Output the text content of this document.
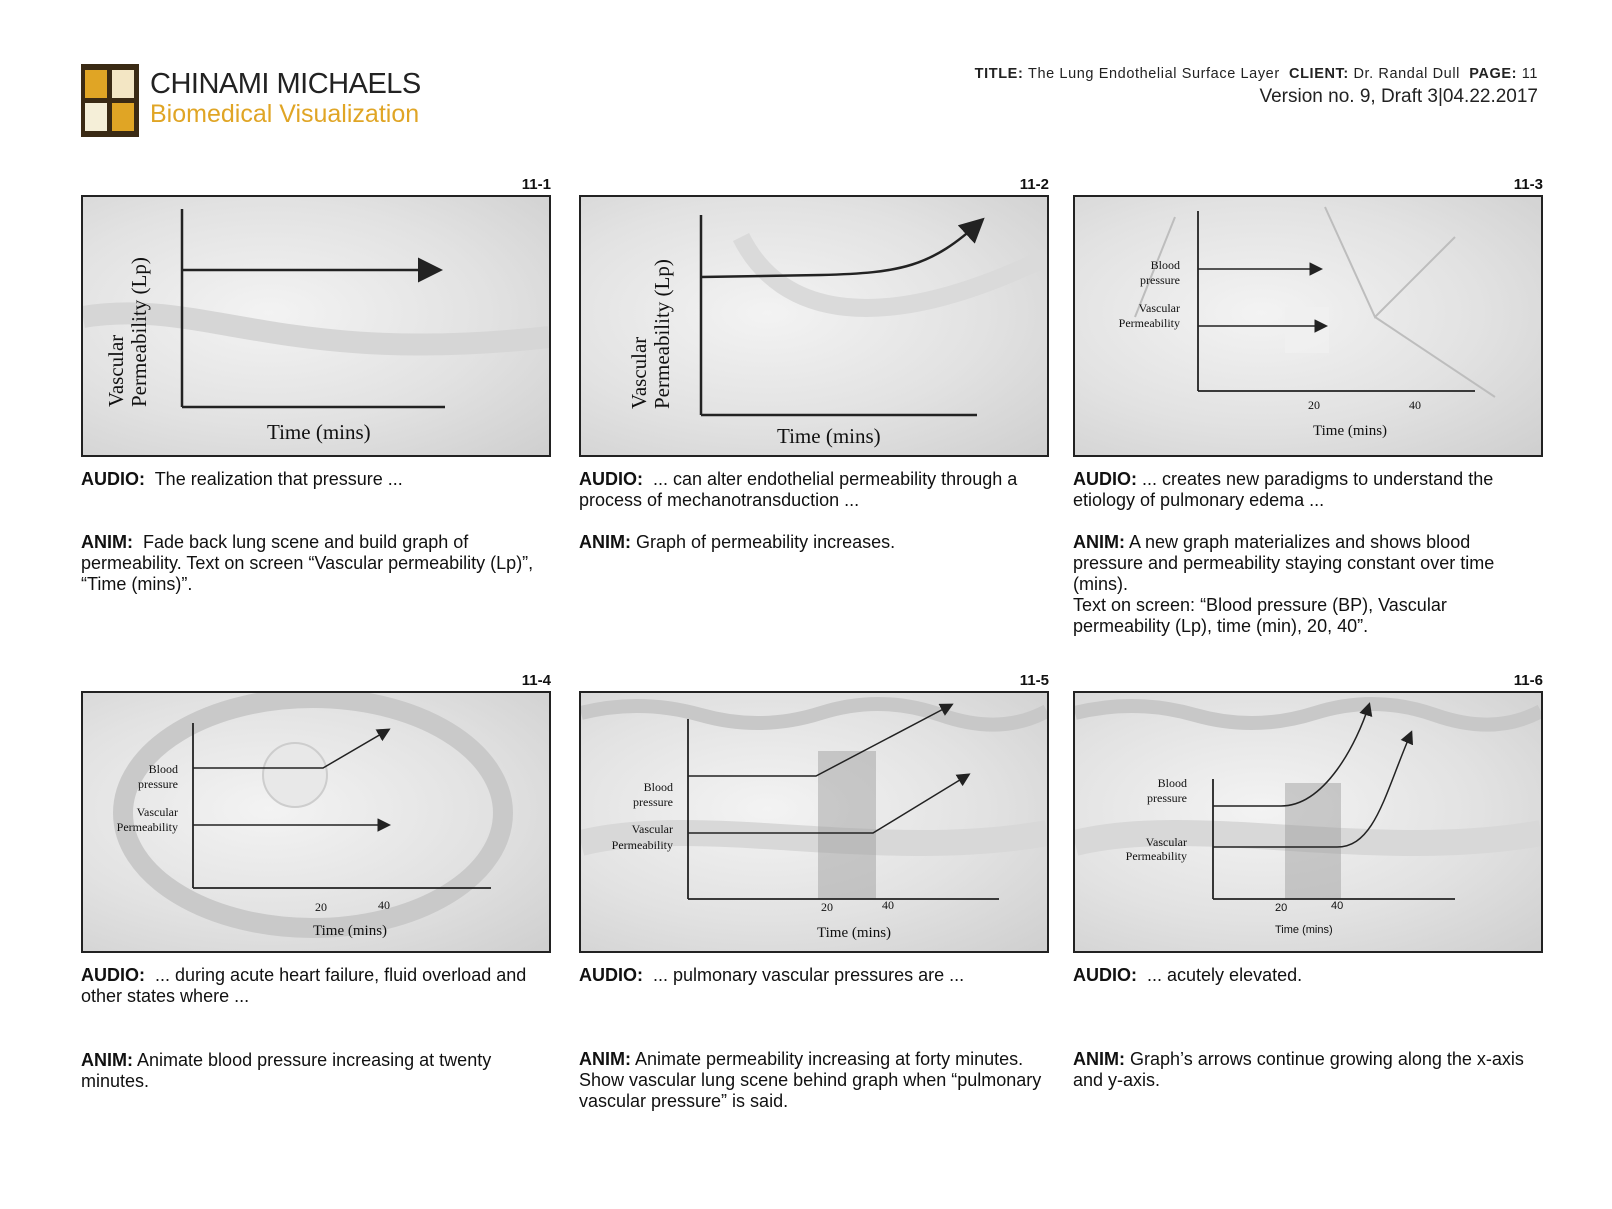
CHINAMI MICHAELS
Biomedical Visualization
TITLE: The Lung Endothelial Surface Layer CLIENT: Dr. Randal Dull PAGE: 11
Version no. 9, Draft 3|04.22.2017
11-1
Vascular Permeability (Lp)
Time (mins)
AUDIO: The realization that pressure ...
ANIM: Fade back lung scene and build graph of permeability. Text on screen “Vascular permeability (Lp)”, “Time (mins)”.
11-2
Vascular Permeability (Lp)
Time (mins)
AUDIO: ... can alter endothelial permeability through a process of mechanotransduction ...
ANIM: Graph of permeability increases.
11-3
Blood
pressure
Vascular
Permeability
20	40
Time (mins)
AUDIO: ... creates new paradigms to understand the etiology of pulmonary edema ...
ANIM: A new graph materializes and shows blood pressure and permeability staying constant over time (mins).
Text on screen: “Blood pressure (BP), Vascular permeability (Lp), time (min), 20, 40”.
11-4
Blood
pressure
Vascular
Permeability
20	40
Time (mins)
AUDIO: ... during acute heart failure, fluid overload and other states where ...
ANIM: Animate blood pressure increasing at twenty minutes.
11-5
Blood
pressure
Vascular
Permeability
20	40
Time (mins)
AUDIO: ... pulmonary vascular pressures are ...
ANIM: Animate permeability increasing at forty minutes. Show vascular lung scene behind graph when “pulmonary vascular pressure” is said.
11-6
Blood
pressure
Vascular
Permeability
20	40
Time (mins)
AUDIO: ... acutely elevated.
ANIM: Graph’s arrows continue growing along the x-axis and y-axis.
